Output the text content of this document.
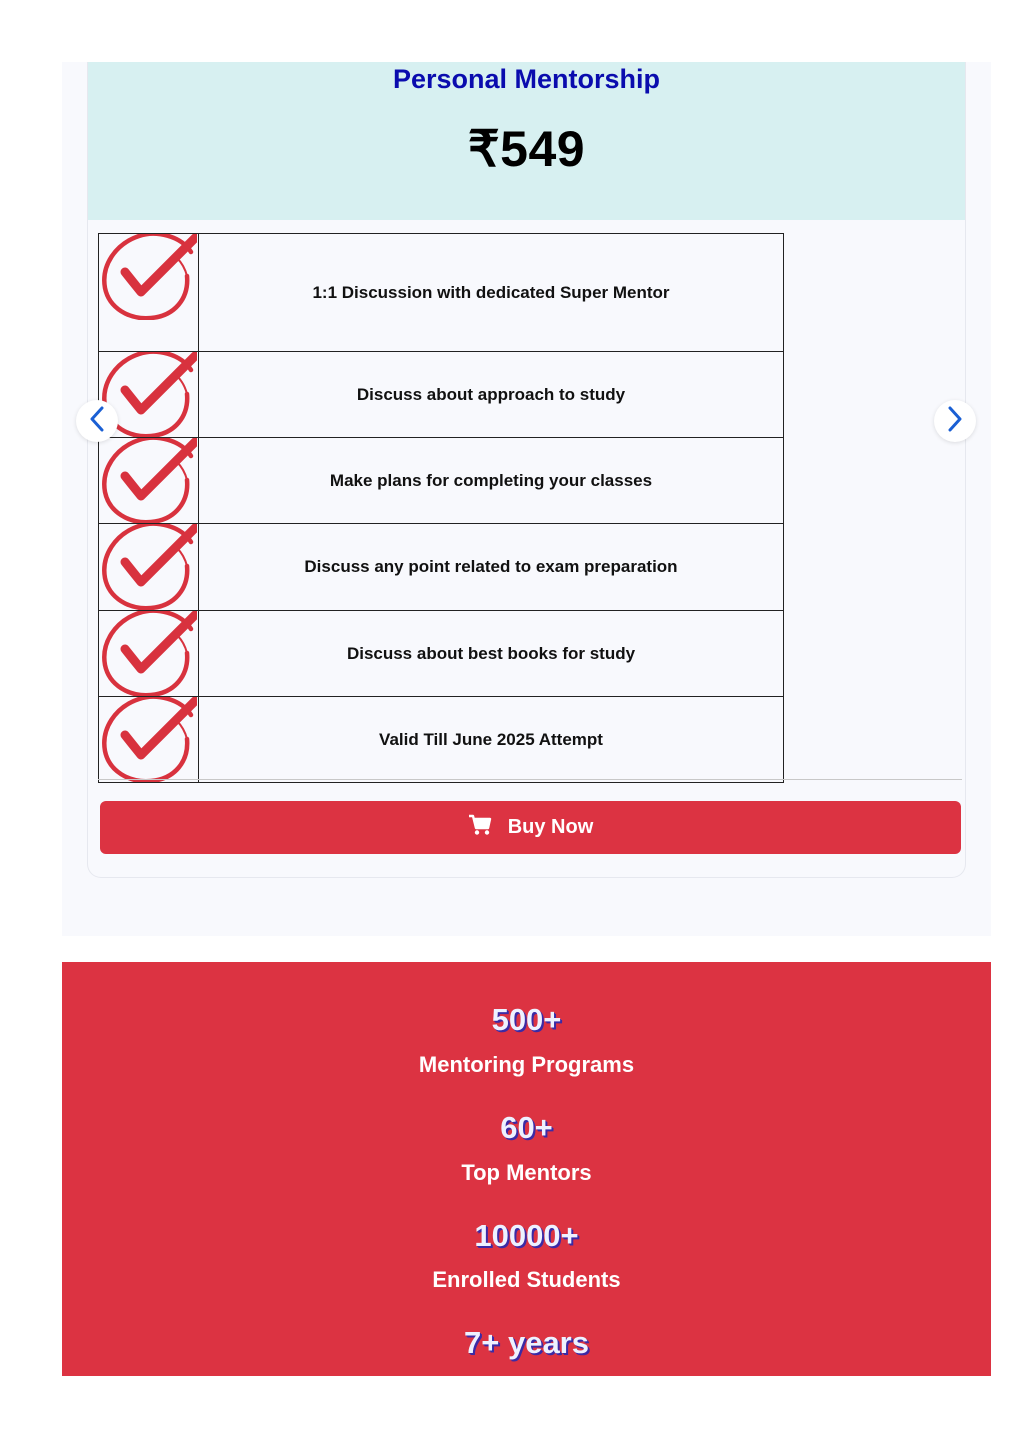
Personal Mentorship
₹549
	1:1 Discussion with dedicated Super Mentor

	Discuss about approach to study

	Make plans for completing your classes

	Discuss any point related to exam preparation

	Discuss about best books for study

	Valid Till June 2025 Attempt
Buy Now
500+
Mentoring Programs
60+
Top Mentors
10000+
Enrolled Students
7+ years
